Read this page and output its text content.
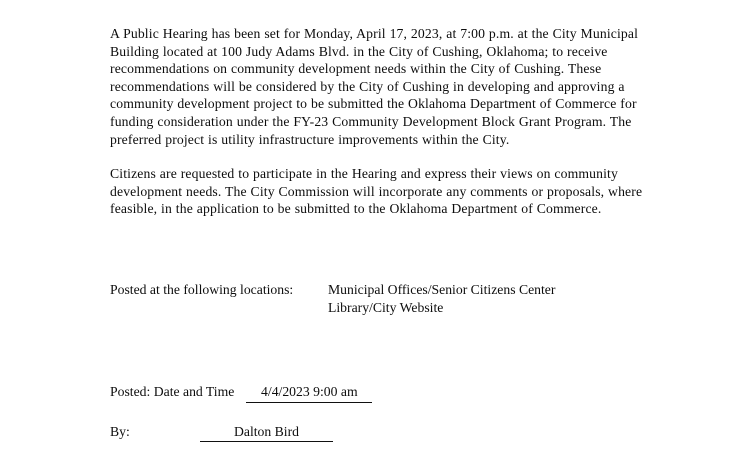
A Public Hearing has been set for Monday, April 17, 2023, at 7:00 p.m. at the City Municipal Building located at 100 Judy Adams Blvd. in the City of Cushing, Oklahoma; to receive recommendations on community development needs within the City of Cushing. These recommendations will be considered by the City of Cushing in developing and approving a community development project to be submitted the Oklahoma Department of Commerce for funding consideration under the FY-23 Community Development Block Grant Program. The preferred project is utility infrastructure improvements within the City.

Citizens are requested to participate in the Hearing and express their views on community development needs. The City Commission will incorporate any comments or proposals, where feasible, in the application to be submitted to the Oklahoma Department of Commerce.

Posted at the following locations:	Municipal Offices/Senior Citizens Center
Library/City Website
Posted: Date and Time	4/4/2023 9:00 am
By:	Dalton Bird
